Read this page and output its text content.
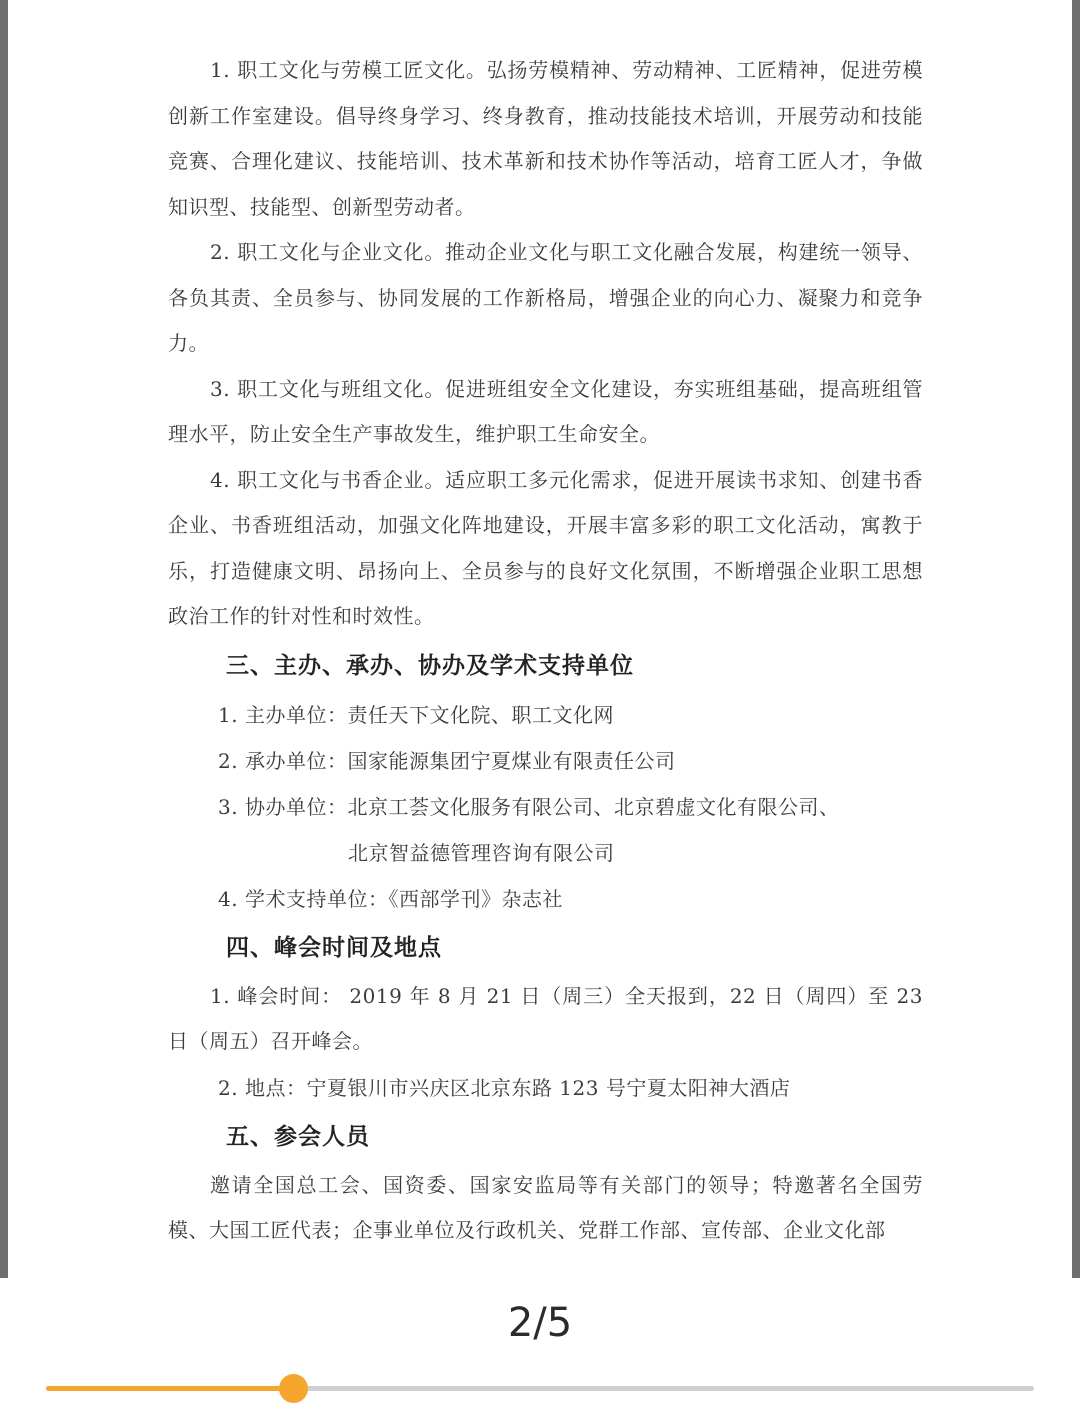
1. 职工文化与劳模工匠文化。弘扬劳模精神、劳动精神、工匠精神，促进劳模创新工作室建设。倡导终身学习、终身教育，推动技能技术培训，开展劳动和技能竞赛、合理化建议、技能培训、技术革新和技术协作等活动，培育工匠人才，争做知识型、技能型、创新型劳动者。

2. 职工文化与企业文化。推动企业文化与职工文化融合发展，构建统一领导、各负其责、全员参与、协同发展的工作新格局，增强企业的向心力、凝聚力和竞争力。

3. 职工文化与班组文化。促进班组安全文化建设，夯实班组基础，提高班组管理水平，防止安全生产事故发生，维护职工生命安全。

4. 职工文化与书香企业。适应职工多元化需求，促进开展读书求知、创建书香企业、书香班组活动，加强文化阵地建设，开展丰富多彩的职工文化活动，寓教于乐，打造健康文明、昂扬向上、全员参与的良好文化氛围，不断增强企业职工思想政治工作的针对性和时效性。

三、主办、承办、协办及学术支持单位

1. 主办单位：责任天下文化院、职工文化网

2. 承办单位：国家能源集团宁夏煤业有限责任公司

3. 协办单位：北京工荟文化服务有限公司、北京碧虚文化有限公司、
北京智益德管理咨询有限公司

4. 学术支持单位：《西部学刊》杂志社

四、峰会时间及地点

1. 峰会时间： 2019 年 8 月 21 日（周三）全天报到，22 日（周四）至 23 日（周五）召开峰会。

2. 地点：宁夏银川市兴庆区北京东路 123 号宁夏太阳神大酒店

五、参会人员

邀请全国总工会、国资委、国家安监局等有关部门的领导；特邀著名全国劳模、大国工匠代表；企事业单位及行政机关、党群工作部、宣传部、企业文化部

2/5
